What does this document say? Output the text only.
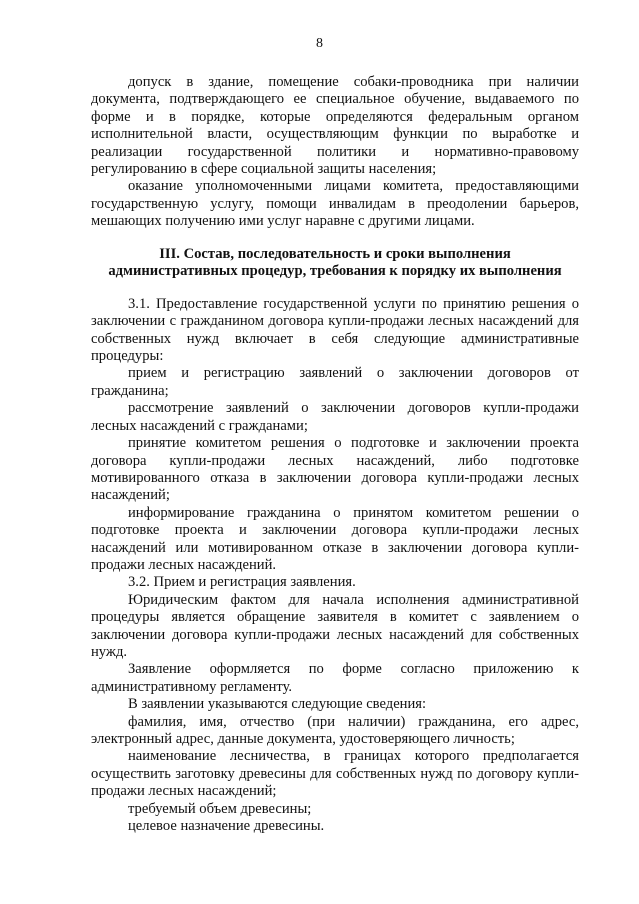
8

допуск в здание, помещение собаки-проводника при наличии документа, подтверждающего ее специальное обучение, выдаваемого по форме и в порядке, которые определяются федеральным органом исполнительной власти, осуществляющим функции по выработке и реализации государственной политики и нормативно-правовому регулированию в сфере социальной защиты населения;

оказание уполномоченными лицами комитета, предоставляющими государственную услугу, помощи инвалидам в преодолении барьеров, мешающих получению ими услуг наравне с другими лицами.

III. Состав, последовательность и сроки выполнения
административных процедур, требования к порядку их выполнения

3.1. Предоставление государственной услуги по принятию решения о заключении с гражданином договора купли-продажи лесных насаждений для собственных нужд включает в себя следующие административные процедуры:

прием и регистрацию заявлений о заключении договоров от гражданина;

рассмотрение заявлений о заключении договоров купли-продажи лесных насаждений с гражданами;

принятие комитетом решения о подготовке и заключении проекта договора купли-продажи лесных насаждений, либо подготовке мотивированного отказа в заключении договора купли-продажи лесных насаждений;

информирование гражданина о принятом комитетом решении о подготовке проекта и заключении договора купли-продажи лесных насаждений или мотивированном отказе в заключении договора купли-продажи лесных насаждений.

3.2. Прием и регистрация заявления.

Юридическим фактом для начала исполнения административной процедуры является обращение заявителя в комитет с заявлением о заключении договора купли-продажи лесных насаждений для собственных нужд.

Заявление оформляется по форме согласно приложению к административному регламенту.

В заявлении указываются следующие сведения:

фамилия, имя, отчество (при наличии) гражданина, его адрес, электронный адрес, данные документа, удостоверяющего личность;

наименование лесничества, в границах которого предполагается осуществить заготовку древесины для собственных нужд по договору купли-продажи лесных насаждений;

требуемый объем древесины;

целевое назначение древесины.
